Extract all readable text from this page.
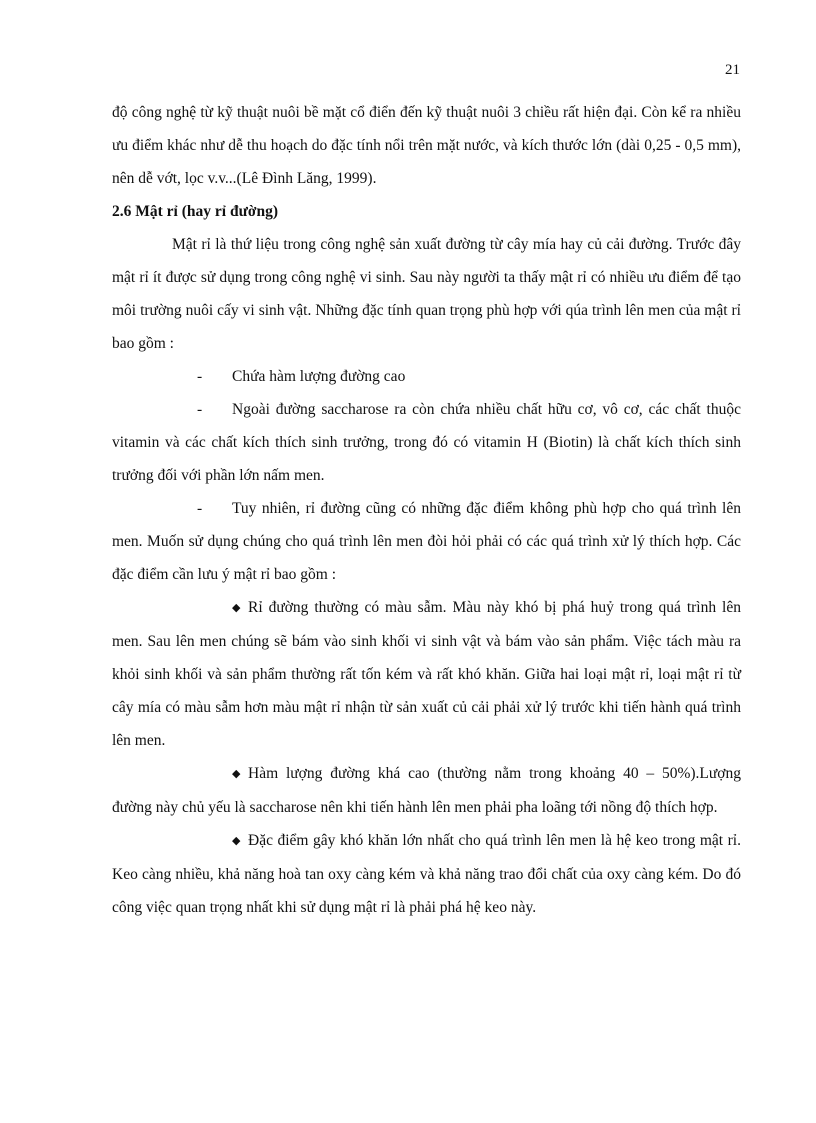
21

độ công nghệ từ kỹ thuật nuôi bề mặt cổ điển đến kỹ thuật nuôi 3 chiều rất hiện đại. Còn kể ra nhiều ưu điểm khác như dễ thu hoạch do đặc tính nổi trên mặt nước, và kích thước lớn (dài 0,25 - 0,5 mm), nên dễ vớt, lọc v.v...(Lê Đình Lăng, 1999).

2.6 Mật rỉ (hay rỉ đường)

Mật rỉ là thứ liệu trong công nghệ sản xuất đường từ cây mía hay củ cải đường. Trước đây mật rỉ ít được sử dụng trong công nghệ vi sinh. Sau này người ta thấy mật rỉ có nhiều ưu điểm để tạo môi trường nuôi cấy vi sinh vật. Những đặc tính quan trọng phù hợp với qúa trình lên men của mật rỉ bao gồm :

- Chứa hàm lượng đường cao

- Ngoài đường saccharose ra còn chứa nhiều chất hữu cơ, vô cơ, các chất thuộc vitamin và các chất kích thích sinh trưởng, trong đó có vitamin H (Biotin) là chất kích thích sinh trưởng đối với phần lớn nấm men.

- Tuy nhiên, rỉ đường cũng có những đặc điểm không phù hợp cho quá trình lên men. Muốn sử dụng chúng cho quá trình lên men đòi hỏi phải có các quá trình xử lý thích hợp. Các đặc điểm cần lưu ý mật rỉ bao gồm :

◆ Rỉ đường thường có màu sẫm. Màu này khó bị phá huỷ trong quá trình lên men. Sau lên men chúng sẽ bám vào sinh khối vi sinh vật và bám vào sản phẩm. Việc tách màu ra khỏi sinh khối và sản phẩm thường rất tốn kém và rất khó khăn. Giữa hai loại mật rỉ, loại mật rỉ từ cây mía có màu sẫm hơn màu mật rỉ nhận từ sản xuất củ cải phải xử lý trước khi tiến hành quá trình lên men.

◆ Hàm lượng đường khá cao (thường nằm trong khoảng 40 – 50%).Lượng đường này chủ yếu là saccharose nên khi tiến hành lên men phải pha loãng tới nồng độ thích hợp.

◆ Đặc điểm gây khó khăn lớn nhất cho quá trình lên men là hệ keo trong mật rỉ. Keo càng nhiều, khả năng hoà tan oxy càng kém và khả năng trao đổi chất của oxy càng kém. Do đó công việc quan trọng nhất khi sử dụng mật rỉ là phải phá hệ keo này.
